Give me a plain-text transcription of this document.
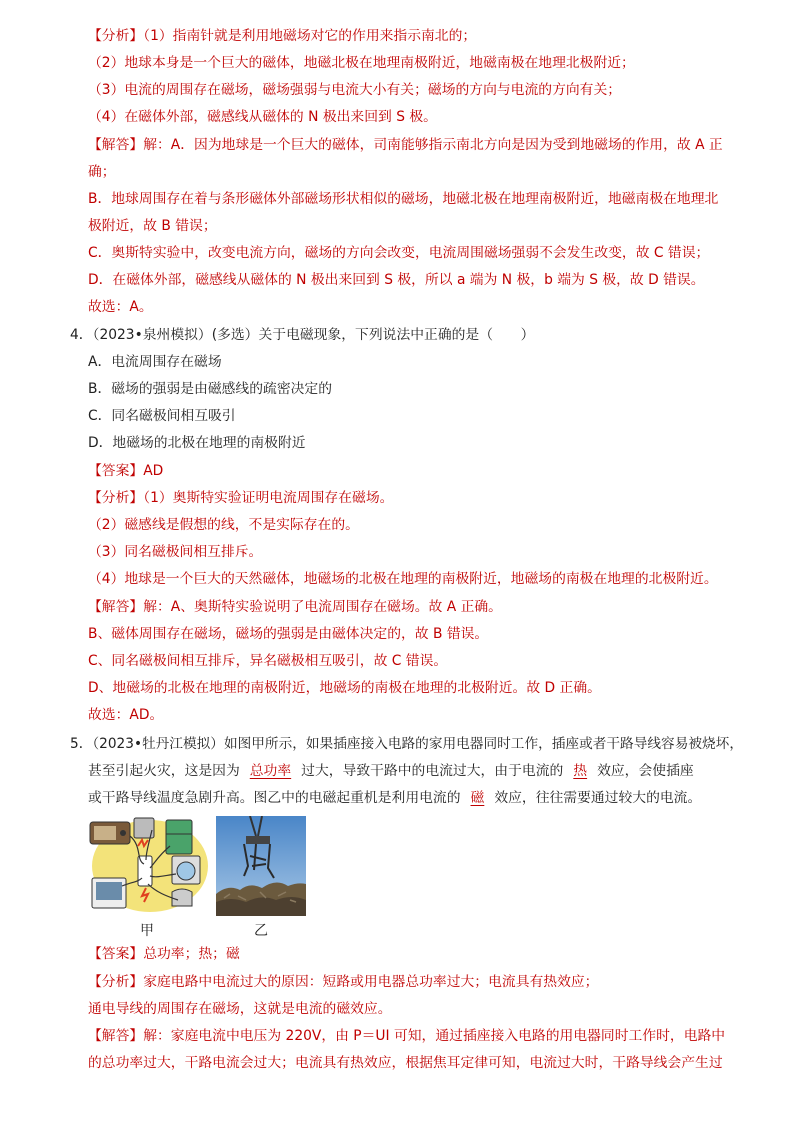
【分析】（1）指南针就是利用地磁场对它的作用来指示南北的；
（2）地球本身是一个巨大的磁体，地磁北极在地理南极附近，地磁南极在地理北极附近；
（3）电流的周围存在磁场，磁场强弱与电流大小有关；磁场的方向与电流的方向有关；
（4）在磁体外部，磁感线从磁体的 N 极出来回到 S 极。
【解答】解：A．因为地球是一个巨大的磁体，司南能够指示南北方向是因为受到地磁场的作用，故 A 正
确；
B．地球周围存在着与条形磁体外部磁场形状相似的磁场，地磁北极在地理南极附近，地磁南极在地理北
极附近，故 B 错误；
C．奥斯特实验中，改变电流方向，磁场的方向会改变，电流周围磁场强弱不会发生改变，故 C 错误；
D．在磁体外部，磁感线从磁体的 N 极出来回到 S 极，所以 a 端为 N 极，b 端为 S 极，故 D 错误。
故选：A。
4．（2023•泉州模拟）(多选）关于电磁现象，下列说法中正确的是（　　）
A．电流周围存在磁场
B．磁场的强弱是由磁感线的疏密决定的
C．同名磁极间相互吸引
D．地磁场的北极在地理的南极附近
【答案】AD
【分析】（1）奥斯特实验证明电流周围存在磁场。
（2）磁感线是假想的线，不是实际存在的。
（3）同名磁极间相互排斥。
（4）地球是一个巨大的天然磁体，地磁场的北极在地理的南极附近，地磁场的南极在地理的北极附近。
【解答】解：A、奥斯特实验说明了电流周围存在磁场。故 A 正确。
B、磁体周围存在磁场，磁场的强弱是由磁体决定的，故 B 错误。
C、同名磁极间相互排斥，异名磁极相互吸引，故 C 错误。
D、地磁场的北极在地理的南极附近，地磁场的南极在地理的北极附近。故 D 正确。
故选：AD。
5．（2023•牡丹江模拟）如图甲所示，如果插座接入电路的家用电器同时工作，插座或者干路导线容易被烧坏，
甚至引起火灾，这是因为 总功率 过大，导致干路中的电流过大，由于电流的 热 效应，会使插座
或干路导线温度急剧升高。图乙中的电磁起重机是利用电流的 磁 效应，往往需要通过较大的电流。
甲	乙
【答案】总功率；热；磁
【分析】家庭电路中电流过大的原因：短路或用电器总功率过大；电流具有热效应；
通电导线的周围存在磁场，这就是电流的磁效应。
【解答】解：家庭电流中电压为 220V，由 P＝UI 可知，通过插座接入电路的用电器同时工作时，电路中
的总功率过大，干路电流会过大；电流具有热效应，根据焦耳定律可知，电流过大时，干路导线会产生过
